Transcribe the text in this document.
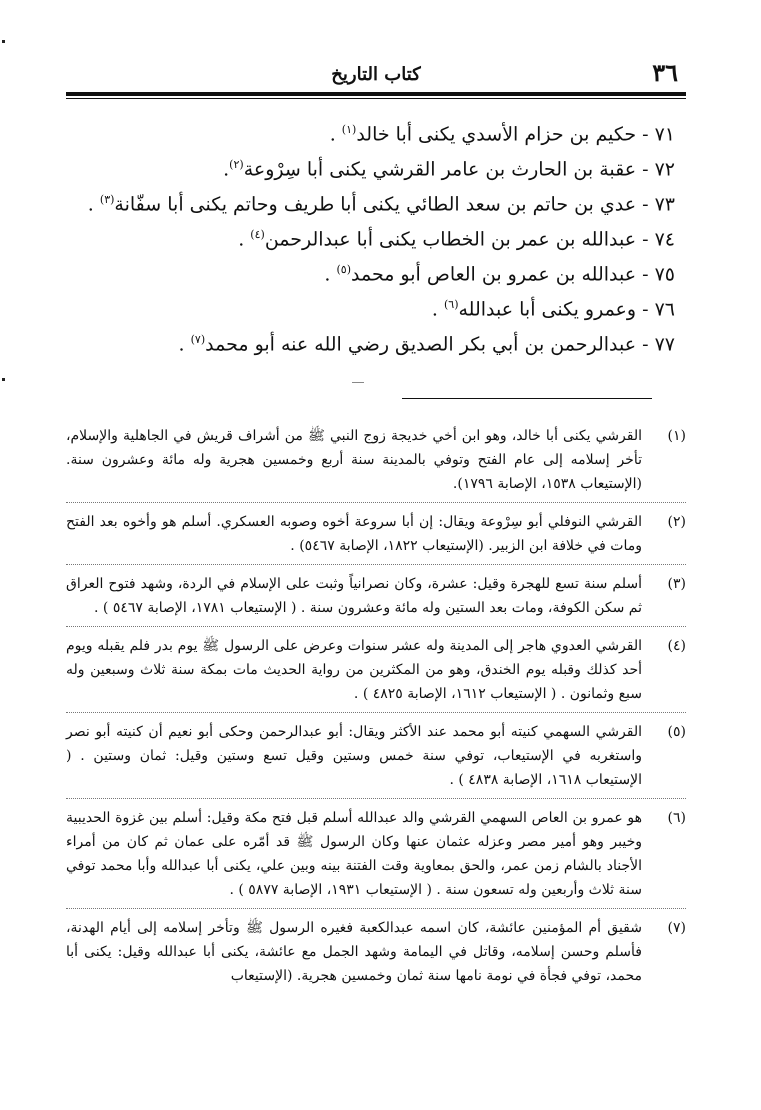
٣٦
كتاب التاريخ
٧١ - حكيم بن حزام الأسدي يكنى أبا خالد$^{(١)}$ .
٧٢ - عقبة بن الحارث بن عامر القرشي يكنى أبا سِرْوعة$^{(٢)}$.
٧٣ - عدي بن حاتم بن سعد الطائي يكنى أبا طريف وحاتم يكنى أبا سفّانة$^{(٣)}$ .
٧٤ - عبدالله بن عمر بن الخطاب يكنى أبا عبدالرحمن$^{(٤)}$ .
٧٥ - عبدالله بن عمرو بن العاص أبو محمد$^{(٥)}$ .
٧٦ - وعمرو يكنى أبا عبدالله$^{(٦)}$ .
٧٧ - عبدالرحمن بن أبي بكر الصديق رضي الله عنه أبو محمد$^{(٧)}$ .
(١)
القرشي يكنى أبا خالد، وهو ابن أخي خديجة زوج النبي ﷺ من أشراف قريش في الجاهلية والإسلام، تأخر إسلامه إلى عام الفتح وتوفي بالمدينة سنة أربع وخمسين هجرية وله مائة وعشرون سنة. (الإستيعاب ١٥٣٨، الإصابة ١٧٩٦).
(٢)
القرشي النوفلي أبو سِرْوعة ويقال: إن أبا سروعة أخوه وصوبه العسكري. أسلم هو وأخوه بعد الفتح ومات في خلافة ابن الزبير. (الإستيعاب ١٨٢٢، الإصابة ٥٤٦٧) .
(٣)
أسلم سنة تسع للهجرة وقيل: عشرة، وكان نصرانياً وثبت على الإسلام في الردة، وشهد فتوح العراق ثم سكن الكوفة، ومات بعد الستين وله مائة وعشرون سنة . ( الإستيعاب ١٧٨١، الإصابة ٥٤٦٧ ) .
(٤)
القرشي العدوي هاجر إلى المدينة وله عشر سنوات وعرض على الرسول ﷺ يوم بدر فلم يقبله ويوم أحد كذلك وقبله يوم الخندق، وهو من المكثرين من رواية الحديث مات بمكة سنة ثلاث وسبعين وله سبع وثمانون . ( الإستيعاب ١٦١٢، الإصابة ٤٨٢٥ ) .
(٥)
القرشي السهمي كنيته أبو محمد عند الأكثر ويقال: أبو عبدالرحمن وحكى أبو نعيم أن كنيته أبو نصر واستغربه في الإستيعاب، توفي سنة خمس وستين وقيل تسع وستين وقيل: ثمان وستين . ( الإستيعاب ١٦١٨، الإصابة ٤٨٣٨ ) .
(٦)
هو عمرو بن العاص السهمي القرشي والد عبدالله أسلم قبل فتح مكة وقيل: أسلم بين غزوة الحديبية وخيبر وهو أمير مصر وعزله عثمان عنها وكان الرسول ﷺ قد أمّره على عمان ثم كان من أمراء الأجناد بالشام زمن عمر، والحق بمعاوية وقت الفتنة بينه وبين علي، يكنى أبا عبدالله وأبا محمد توفي سنة ثلاث وأربعين وله تسعون سنة . ( الإستيعاب ١٩٣١، الإصابة ٥٨٧٧ ) .
(٧)
شقيق أم المؤمنين عائشة، كان اسمه عبدالكعبة فغيره الرسول ﷺ وتأخر إسلامه إلى أيام الهدنة، فأسلم وحسن إسلامه، وقاتل في اليمامة وشهد الجمل مع عائشة، يكنى أبا عبدالله وقيل: يكنى أبا محمد، توفي فجأة في نومة نامها سنة ثمان وخمسين هجرية. (الإستيعاب
